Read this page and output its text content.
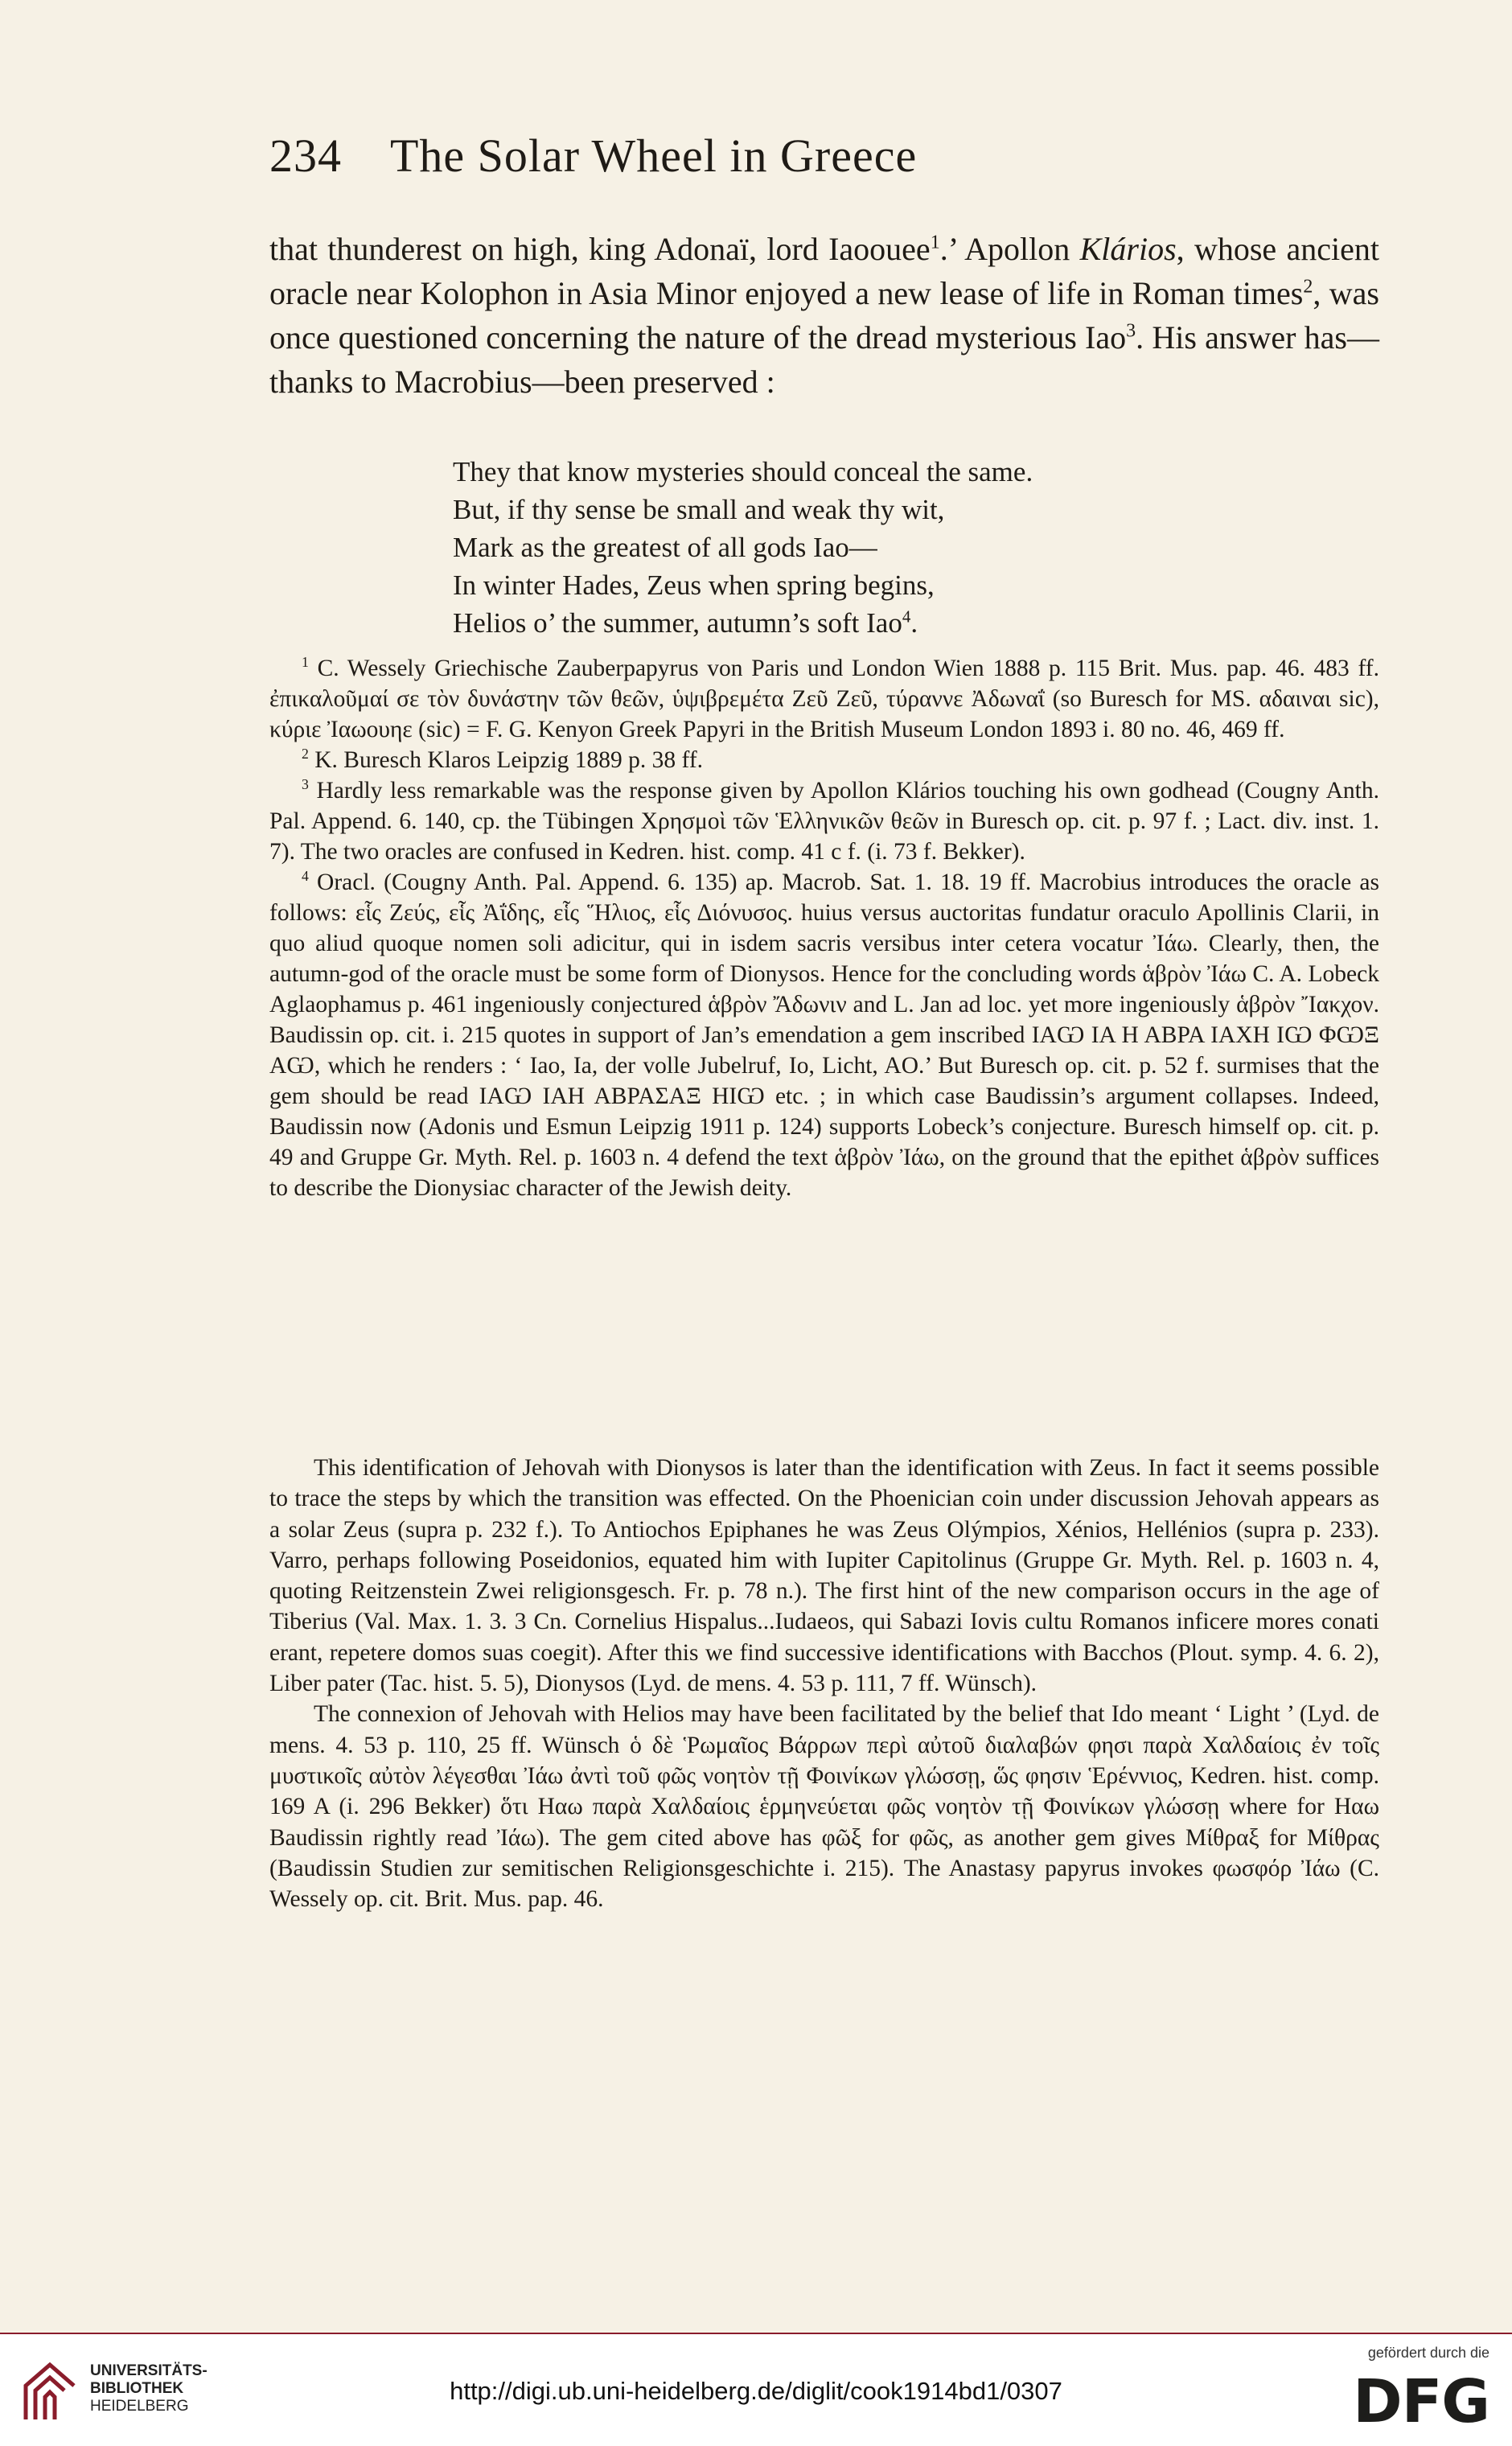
234 The Solar Wheel in Greece

that thunderest on high, king Adonaï, lord Iaoouee$^1$.’ Apollon Klários, whose ancient oracle near Kolophon in Asia Minor enjoyed a new lease of life in Roman times$^2$, was once questioned concerning the nature of the dread mysterious Iao$^3$. His answer has—thanks to Macrobius—been preserved :

They that know mysteries should conceal the same.
But, if thy sense be small and weak thy wit,
Mark as the greatest of all gods Iao—
In winter Hades, Zeus when spring begins,
Helios o’ the summer, autumn’s soft Iao$^4$.

$^1$ C. Wessely Griechische Zauberpapyrus von Paris und London Wien 1888 p. 115 Brit. Mus. pap. 46. 483 ff. ἐπικαλοῦμαί σε τὸν δυνάστην τῶν θεῶν, ὑψιβρεμέτα Ζεῦ Ζεῦ, τύραννε Ἀδωναΐ (so Buresch for MS. αδαιναι sic), κύριε Ἰαωουηε (sic) = F. G. Kenyon Greek Papyri in the British Museum London 1893 i. 80 no. 46, 469 ff.

$^2$ K. Buresch Klaros Leipzig 1889 p. 38 ff.

$^3$ Hardly less remarkable was the response given by Apollon Klários touching his own godhead (Cougny Anth. Pal. Append. 6. 140, cp. the Tübingen Χρησμοὶ τῶν Ἑλληνικῶν θεῶν in Buresch op. cit. p. 97 f. ; Lact. div. inst. 1. 7). The two oracles are confused in Kedren. hist. comp. 41 c f. (i. 73 f. Bekker).

$^4$ Oracl. (Cougny Anth. Pal. Append. 6. 135) ap. Macrob. Sat. 1. 18. 19 ff. Macrobius introduces the oracle as follows: εἷς Ζεύς, εἷς Ἀΐδης, εἷς Ἥλιος, εἷς Διόνυσος. huius versus auctoritas fundatur oraculo Apollinis Clarii, in quo aliud quoque nomen soli adicitur, qui in isdem sacris versibus inter cetera vocatur Ἰάω. Clearly, then, the autumn-god of the oracle must be some form of Dionysos. Hence for the concluding words ἁβρὸν Ἰάω C. A. Lobeck Aglaophamus p. 461 ingeniously conjectured ἁβρὸν Ἄδωνιν and L. Jan ad loc. yet more ingeniously ἁβρὸν Ἴακχον. Baudissin op. cit. i. 215 quotes in support of Jan’s emendation a gem inscribed ΙΑѠ ΙΑ Η ΑΒΡΑ ΙΑΧΗ ΙѠ ΦѠΞ ΑѠ, which he renders : ‘ Iao, Ia, der volle Jubelruf, Io, Licht, AO.’ But Buresch op. cit. p. 52 f. surmises that the gem should be read ΙΑѠ ΙΑΗ ΑΒΡΑΣΑΞ ΗΙѠ etc. ; in which case Baudissin’s argument collapses. Indeed, Baudissin now (Adonis und Esmun Leipzig 1911 p. 124) supports Lobeck’s conjecture. Buresch himself op. cit. p. 49 and Gruppe Gr. Myth. Rel. p. 1603 n. 4 defend the text ἁβρὸν Ἰάω, on the ground that the epithet ἁβρὸν suffices to describe the Dionysiac character of the Jewish deity.

This identification of Jehovah with Dionysos is later than the identification with Zeus. In fact it seems possible to trace the steps by which the transition was effected. On the Phoenician coin under discussion Jehovah appears as a solar Zeus (supra p. 232 f.). To Antiochos Epiphanes he was Zeus Olýmpios, Xénios, Hellénios (supra p. 233). Varro, perhaps following Poseidonios, equated him with Iupiter Capitolinus (Gruppe Gr. Myth. Rel. p. 1603 n. 4, quoting Reitzenstein Zwei religionsgesch. Fr. p. 78 n.). The first hint of the new comparison occurs in the age of Tiberius (Val. Max. 1. 3. 3 Cn. Cornelius Hispalus...Iudaeos, qui Sabazi Iovis cultu Romanos inficere mores conati erant, repetere domos suas coegit). After this we find successive identifications with Bacchos (Plout. symp. 4. 6. 2), Liber pater (Tac. hist. 5. 5), Dionysos (Lyd. de mens. 4. 53 p. 111, 7 ff. Wünsch).

The connexion of Jehovah with Helios may have been facilitated by the belief that Ido meant ‘ Light ’ (Lyd. de mens. 4. 53 p. 110, 25 ff. Wünsch ὁ δὲ Ῥωμαῖος Βάρρων περὶ αὐτοῦ διαλαβών φησι παρὰ Χαλδαίοις ἐν τοῖς μυστικοῖς αὐτὸν λέγεσθαι Ἰάω ἀντὶ τοῦ φῶς νοητὸν τῇ Φοινίκων γλώσσῃ, ὥς φησιν Ἑρέννιος, Kedren. hist. comp. 169 A (i. 296 Bekker) ὅτι Ηαω παρὰ Χαλδαίοις ἑρμηνεύεται φῶς νοητὸν τῇ Φοινίκων γλώσσῃ where for Ηαω Baudissin rightly read Ἰάω). The gem cited above has φῶξ for φῶς, as another gem gives Μίθραξ for Μίθρας (Baudissin Studien zur semitischen Religionsgeschichte i. 215). The Anastasy papyrus invokes φωσφόρ Ἰάω (C. Wessely op. cit. Brit. Mus. pap. 46.

UNIVERSITÄTS-
BIBLIOTHEK
HEIDELBERG
http://digi.ub.uni-heidelberg.de/diglit/cook1914bd1/0307
gefördert durch die
DFG
